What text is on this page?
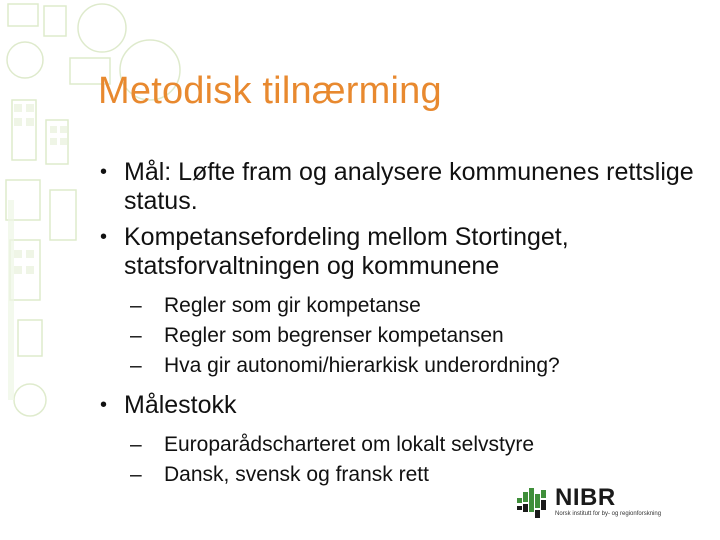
Metodisk tilnærming
• Mål: Løfte fram og analysere kommunenes rettslige status.
• Kompetansefordeling mellom Stortinget, statsforvaltningen og kommunene
– Regler som gir kompetanse
– Regler som begrenser kompetansen
– Hva gir autonomi/hierarkisk underordning?
• Målestokk
– Europarådscharteret om lokalt selvstyre
– Dansk, svensk og fransk rett
NIBR
Norsk institutt for by- og regionforskning
